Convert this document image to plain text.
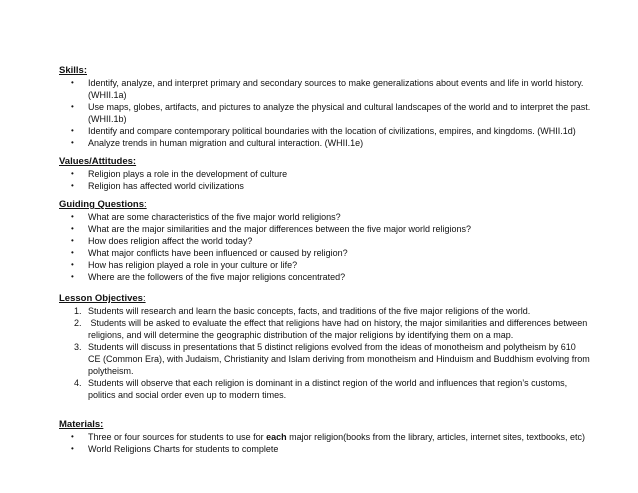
Skills:
• Identify, analyze, and interpret primary and secondary sources to make generalizations about events and life in world history.
(WHII.1a)
• Use maps, globes, artifacts, and pictures to analyze the physical and cultural landscapes of the world and to interpret the past.
(WHII.1b)
• Identify and compare contemporary political boundaries with the location of civilizations, empires, and kingdoms. (WHII.1d)
• Analyze trends in human migration and cultural interaction. (WHII.1e)
Values/Attitudes:
• Religion plays a role in the development of culture
• Religion has affected world civilizations
Guiding Questions:
• What are some characteristics of the five major world religions?
• What are the major similarities and the major differences between the five major world religions?
• How does religion affect the world today?
• What major conflicts have been influenced or caused by religion?
• How has religion played a role in your culture or life?
• Where are the followers of the five major religions concentrated?
Lesson Objectives:
1. Students will research and learn the basic concepts, facts, and traditions of the five major religions of the world.
2. Students will be asked to evaluate the effect that religions have had on history, the major similarities and differences between
religions, and will determine the geographic distribution of the major religions by identifying them on a map.
3. Students will discuss in presentations that 5 distinct religions evolved from the ideas of monotheism and polytheism by 610
CE (Common Era), with Judaism, Christianity and Islam deriving from monotheism and Hinduism and Buddhism evolving from
polytheism.
4. Students will observe that each religion is dominant in a distinct region of the world and influences that region’s customs,
politics and social order even up to modern times.
Materials:
• Three or four sources for students to use for each major religion(books from the library, articles, internet sites, textbooks, etc)
• World Religions Charts for students to complete
